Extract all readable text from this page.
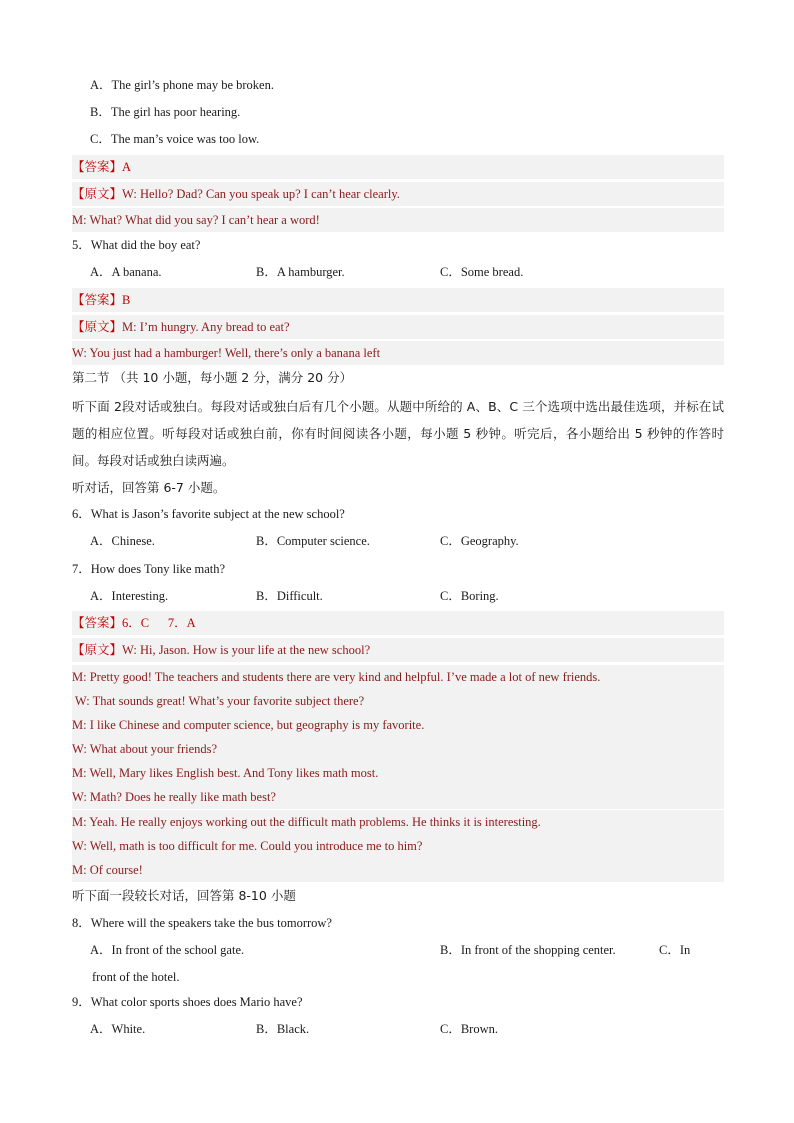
A．The girl’s phone may be broken.
B．The girl has poor hearing.
C．The man’s voice was too low.
【答案】A
【原文】W: Hello? Dad? Can you speak up? I can’t hear clearly.
M: What? What did you say? I can’t hear a word!
5．What did the boy eat?
A．A banana.	B．A hamburger.	C．Some bread.
【答案】B
【原文】M: I’m hungry. Any bread to eat?
W: You just had a hamburger! Well, there’s only a banana left
第二节 （共 10 小题，每小题 2 分，满分 20 分）
听下面 2段对话或独白。每段对话或独白后有几个小题。从题中所给的 A、B、C 三个选项中选出最佳选项，并标在试题的相应位置。听每段对话或独白前，你有时间阅读各小题，每小题 5 秒钟。听完后，各小题给出 5 秒钟的作答时间。每段对话或独白读两遍。
听对话，回答第 6-7 小题。
6．What is Jason’s favorite subject at the new school?
A．Chinese.	B．Computer science.	C．Geography.
7．How does Tony like math?
A．Interesting.	B．Difficult.	C．Boring.
【答案】6．C      7．A
【原文】W: Hi, Jason. How is your life at the new school?
M: Pretty good! The teachers and students there are very kind and helpful. I’ve made a lot of new friends.
W: That sounds great! What’s your favorite subject there?
M: I like Chinese and computer science, but geography is my favorite.
W: What about your friends?
M: Well, Mary likes English best. And Tony likes math most.
W: Math? Does he really like math best?
M: Yeah. He really enjoys working out the difficult math problems. He thinks it is interesting.
W: Well, math is too difficult for me. Could you introduce me to him?
M: Of course!
听下面一段较长对话，回答第 8-10 小题
8．Where will the speakers take the bus tomorrow?
A．In front of the school gate.	B．In front of the shopping center.	C．In
front of the hotel.
9．What color sports shoes does Mario have?
A．White.	B．Black.	C．Brown.
